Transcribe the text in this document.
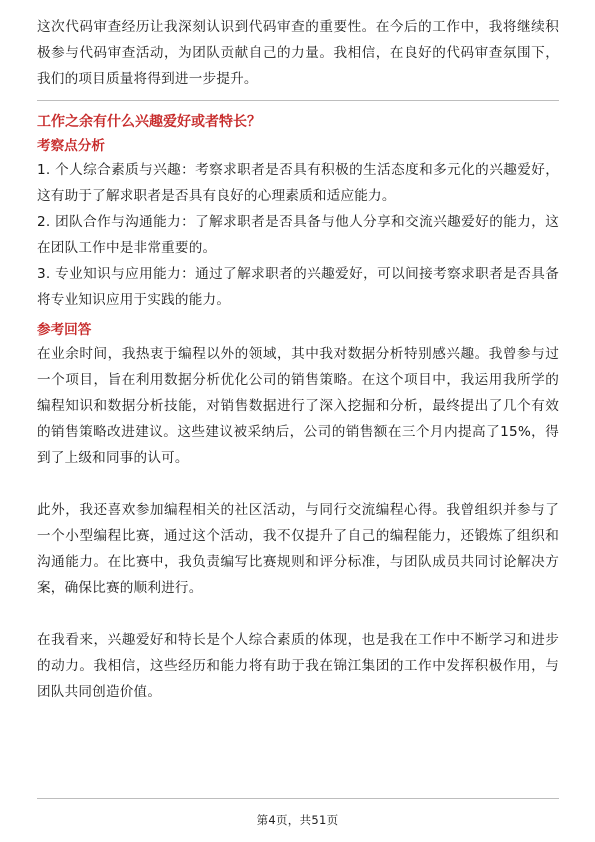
这次代码审查经历让我深刻认识到代码审查的重要性。在今后的工作中，我将继续积极参与代码审查活动，为团队贡献自己的力量。我相信，在良好的代码审查氛围下，我们的项目质量将得到进一步提升。

工作之余有什么兴趣爱好或者特长？
考察点分析

1. 个人综合素质与兴趣：考察求职者是否具有积极的生活态度和多元化的兴趣爱好，这有助于了解求职者是否具有良好的心理素质和适应能力。

2. 团队合作与沟通能力：了解求职者是否具备与他人分享和交流兴趣爱好的能力，这在团队工作中是非常重要的。

3. 专业知识与应用能力：通过了解求职者的兴趣爱好，可以间接考察求职者是否具备将专业知识应用于实践的能力。

参考回答

在业余时间，我热衷于编程以外的领域，其中我对数据分析特别感兴趣。我曾参与过一个项目，旨在利用数据分析优化公司的销售策略。在这个项目中，我运用我所学的编程知识和数据分析技能，对销售数据进行了深入挖掘和分析，最终提出了几个有效的销售策略改进建议。这些建议被采纳后，公司的销售额在三个月内提高了15%，得到了上级和同事的认可。

此外，我还喜欢参加编程相关的社区活动，与同行交流编程心得。我曾组织并参与了一个小型编程比赛，通过这个活动，我不仅提升了自己的编程能力，还锻炼了组织和沟通能力。在比赛中，我负责编写比赛规则和评分标准，与团队成员共同讨论解决方案，确保比赛的顺利进行。

在我看来，兴趣爱好和特长是个人综合素质的体现，也是我在工作中不断学习和进步的动力。我相信，这些经历和能力将有助于我在锦江集团的工作中发挥积极作用，与团队共同创造价值。

第4页，共51页
